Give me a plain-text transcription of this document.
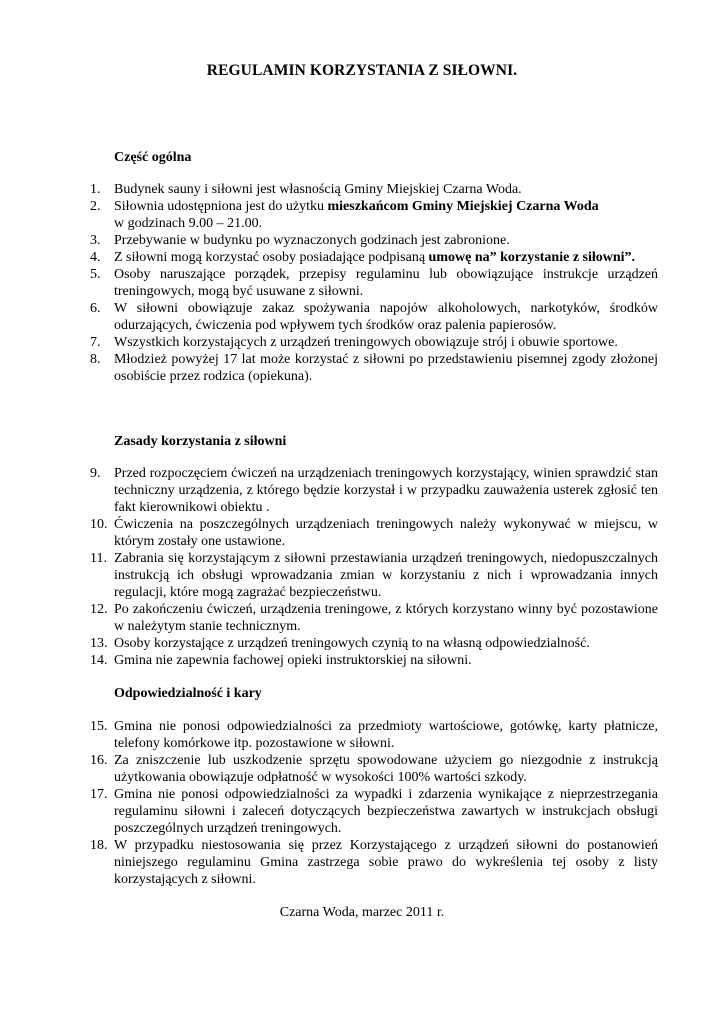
REGULAMIN KORZYSTANIA Z SIŁOWNI.
Część ogólna
1. Budynek sauny i siłowni jest własnością Gminy Miejskiej Czarna Woda.
2. Siłownia udostępniona jest do użytku mieszkańcom Gminy Miejskiej Czarna Woda
w godzinach 9.00 – 21.00.
3. Przebywanie w budynku po wyznaczonych godzinach jest zabronione.
4. Z siłowni mogą korzystać osoby posiadające podpisaną umowę na” korzystanie z siłowni”.
5. Osoby naruszające porządek, przepisy regulaminu lub obowiązujące instrukcje urządzeń treningowych, mogą być usuwane z siłowni.
6. W siłowni obowiązuje zakaz spożywania napojów alkoholowych, narkotyków, środków odurzających, ćwiczenia pod wpływem tych środków oraz palenia papierosów.
7. Wszystkich korzystających z urządzeń treningowych obowiązuje strój i obuwie sportowe.
8. Młodzież powyżej 17 lat może korzystać z siłowni po przedstawieniu pisemnej zgody złożonej osobiście przez rodzica (opiekuna).
Zasady korzystania z siłowni
9. Przed rozpoczęciem ćwiczeń na urządzeniach treningowych korzystający, winien sprawdzić stan techniczny urządzenia, z którego będzie korzystał i w przypadku zauważenia usterek zgłosić ten fakt kierownikowi obiektu .
10. Ćwiczenia na poszczególnych urządzeniach treningowych należy wykonywać w miejscu, w którym zostały one ustawione.
11. Zabrania się korzystającym z siłowni przestawiania urządzeń treningowych, niedopuszczalnych instrukcją ich obsługi wprowadzania zmian w korzystaniu z nich i wprowadzania innych regulacji, które mogą zagrażać bezpieczeństwu.
12. Po zakończeniu ćwiczeń, urządzenia treningowe, z których korzystano winny być pozostawione w należytym stanie technicznym.
13. Osoby korzystające z urządzeń treningowych czynią to na własną odpowiedzialność.
14. Gmina nie zapewnia fachowej opieki instruktorskiej na siłowni.
Odpowiedzialność i kary
15. Gmina nie ponosi odpowiedzialności za przedmioty wartościowe, gotówkę, karty płatnicze, telefony komórkowe itp. pozostawione w siłowni.
16. Za zniszczenie lub uszkodzenie sprzętu spowodowane użyciem go niezgodnie z instrukcją użytkowania obowiązuje odpłatność w wysokości 100% wartości szkody.
17. Gmina nie ponosi odpowiedzialności za wypadki i zdarzenia wynikające z nieprzestrzegania regulaminu siłowni i zaleceń dotyczących bezpieczeństwa zawartych w instrukcjach obsługi poszczególnych urządzeń treningowych.
18. W przypadku niestosowania się przez Korzystającego z urządzeń siłowni do postanowień niniejszego regulaminu Gmina zastrzega sobie prawo do wykreślenia tej osoby z listy korzystających z siłowni.
Czarna Woda, marzec 2011 r.
